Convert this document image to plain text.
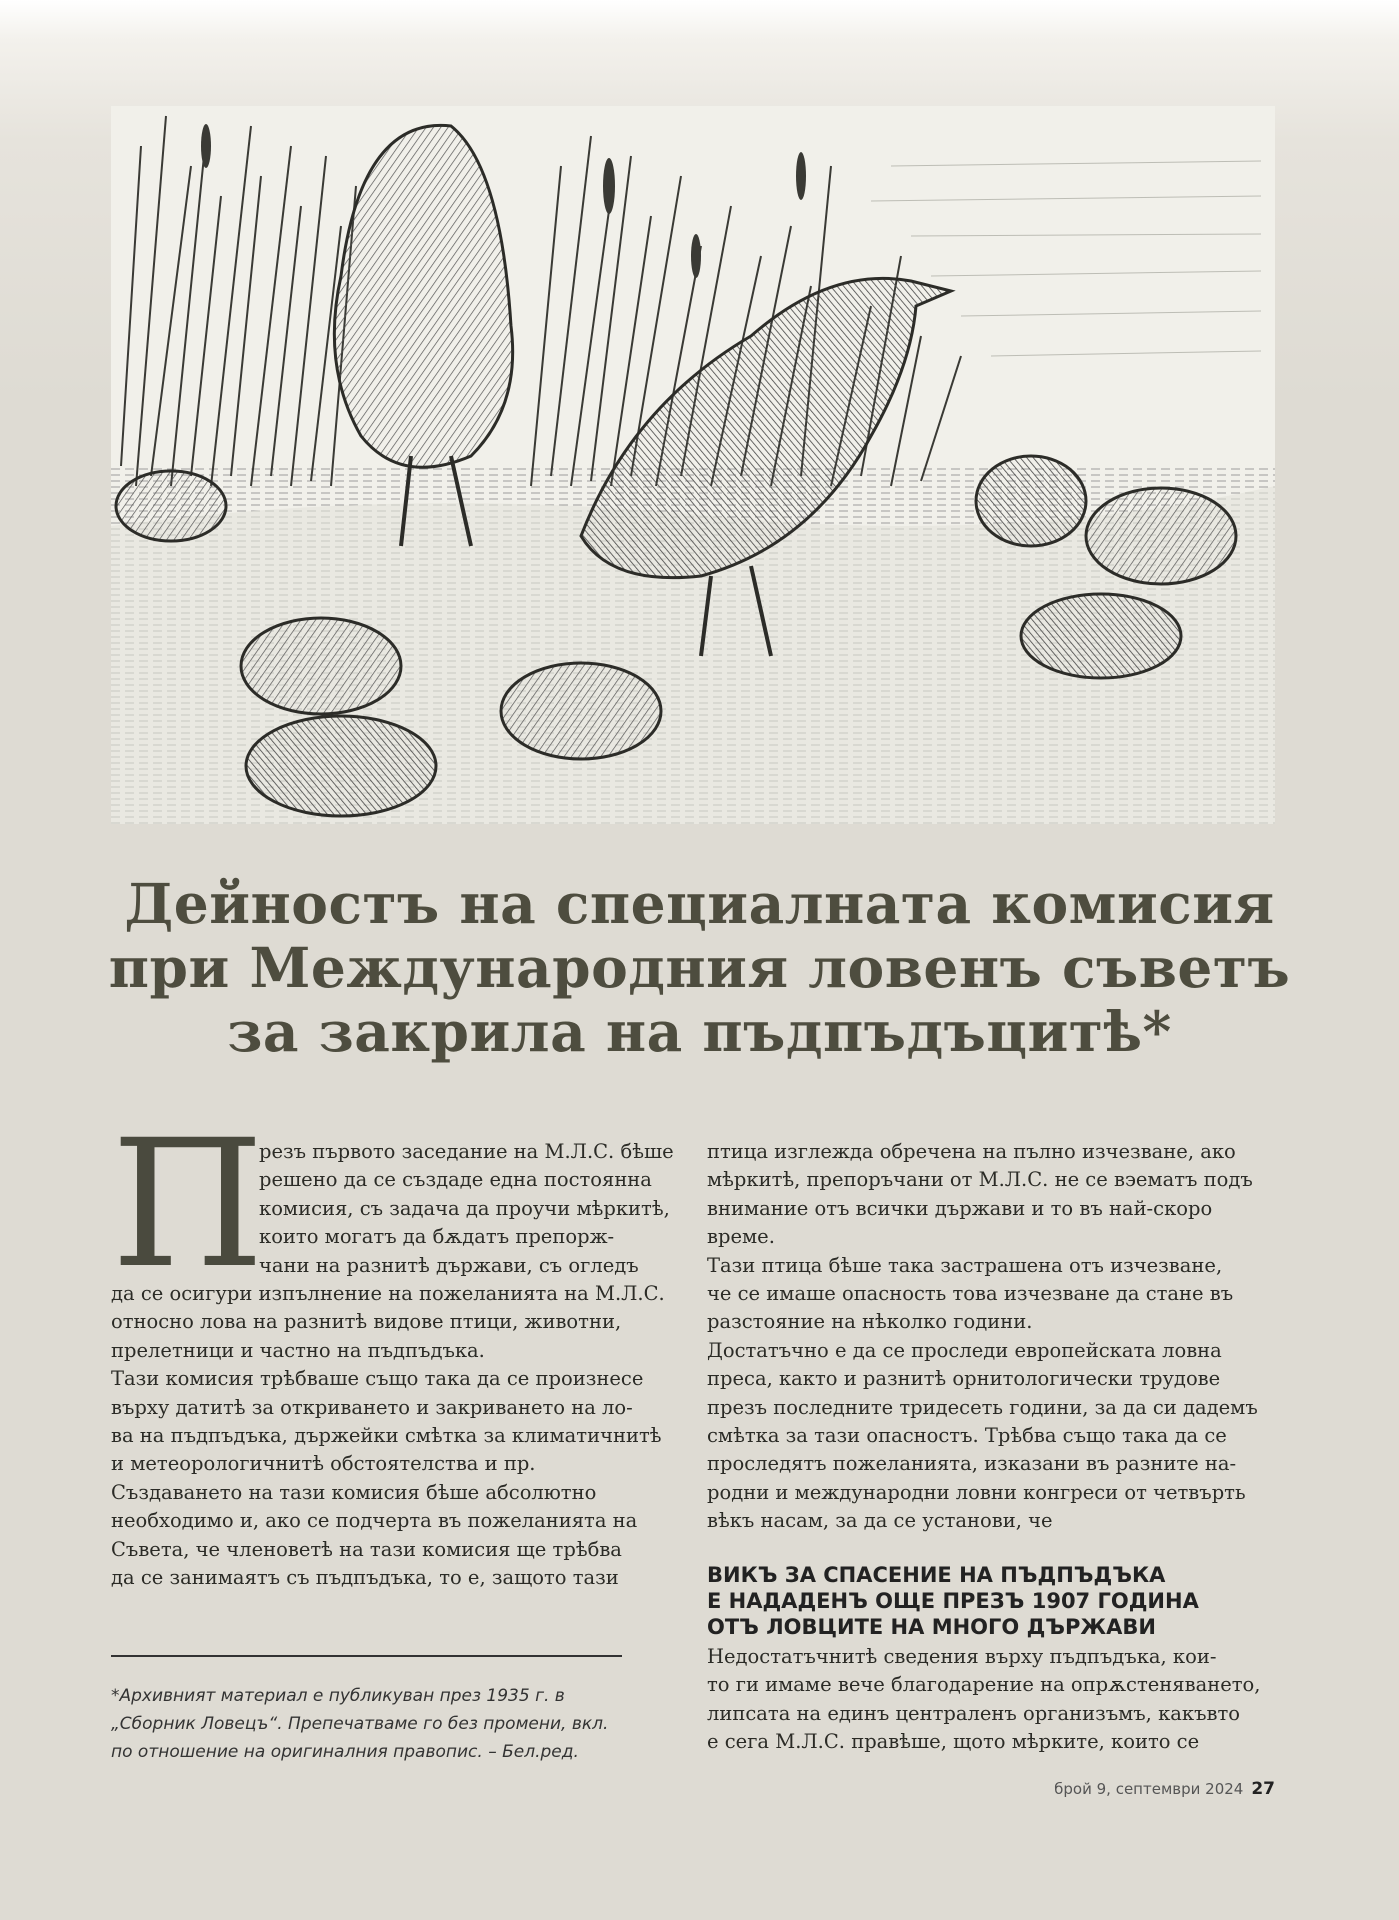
Дейностъ на специалната комисия
при Международния ловенъ съветъ
за закрила на пъдпъдъцитѣ*
П
резъ първото заседание на М.Л.С. бѣше
решено да се създаде една постоянна
комисия, съ задача да проучи мѣркитѣ,
които могатъ да бѫдатъ препорж-
чани на разнитѣ държави, съ огледъ
да се осигури изпълнение на пожеланията на М.Л.С.
относно лова на разнитѣ видове птици, животни,
прелетници и частно на пъдпъдъка.
Тази комисия трѣбваше също така да се произнесе
върху датитѣ за откриването и закриването на ло-
ва на пъдпъдъка, държейки смѣтка за климатичнитѣ
и метеорологичнитѣ обстоятелства и пр.
Създаването на тази комисия бѣше абсолютно
необходимо и, ако се подчерта въ пожеланията на
Съвета, че членоветѣ на тази комисия ще трѣбва
да се занимаятъ съ пъдпъдъка, то е, защото тази
птица изглежда обречена на пълно изчезване, ако
мѣркитѣ, препоръчани от М.Л.С. не се вэематъ подъ
внимание отъ всички държави и то въ най-скоро
време.
Тази птица бѣше така застрашена отъ изчезване,
че се имаше опасность това изчезване да стане въ
разстояние на нѣколко години.
Достатъчно е да се проследи европейската ловна
преса, както и разнитѣ орнитологически трудове
презъ последните тридесеть години, за да си дадемъ
смѣтка за тази опасностъ. Трѣбва също така да се
проследятъ пожеланията, изказани въ разните на-
родни и международни ловни конгреси от четвърть
вѣкъ насам, за да се установи, че
ВИКЪ ЗА СПАСЕНИЕ НА ПЪДПЪДЪКА
Е НАДАДЕНЪ ОЩЕ ПРЕЗЪ 1907 ГОДИНА
ОТЪ ЛОВЦИТЕ НА МНОГО ДЪРЖАВИ
Недостатъчнитѣ сведения върху пъдпъдъка, кои-
то ги имаме вече благодарение на опрѫстеняването,
липсата на единъ централенъ организъмъ, какъвто
е сега М.Л.С. правѣше, щото мѣрките, които се
*Архивният материал е публикуван през 1935 г. в
„Сборник Ловецъ“. Препечатваме го без промени, вкл.
по отношение на оригиналния правопис. – Бел.ред.
брой 9, септември 2024 27
